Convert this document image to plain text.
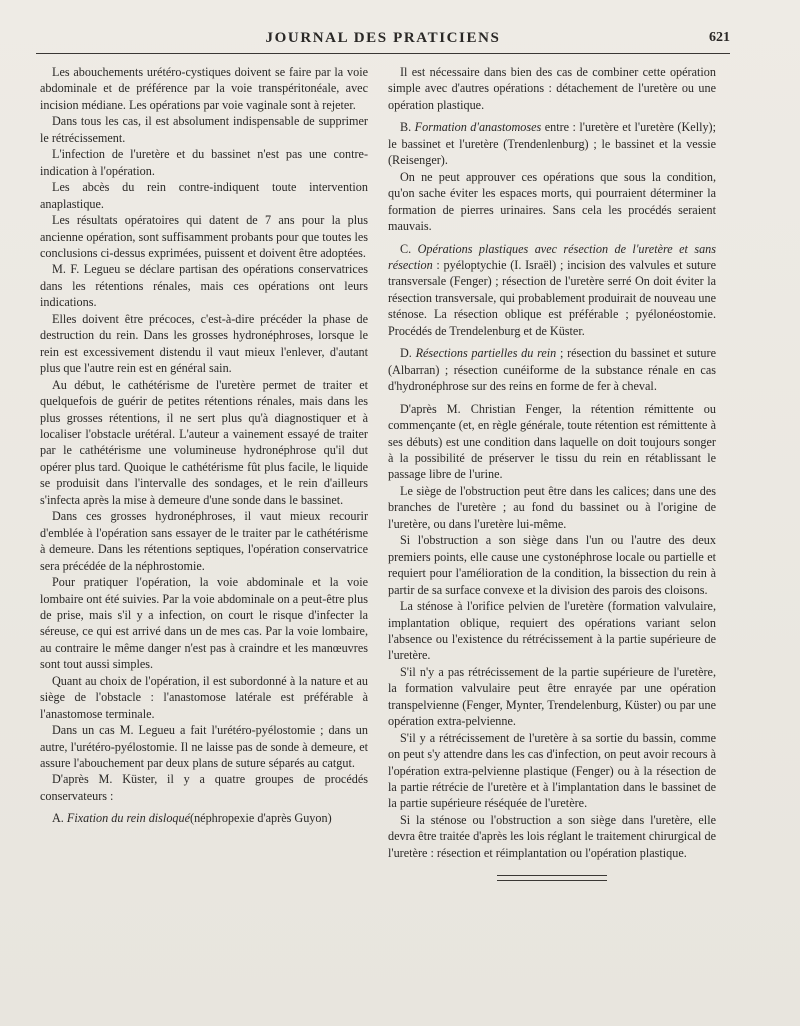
JOURNAL DES PRATICIENS	621

Les abouchements urétéro-cystiques doivent se faire par la voie abdominale et de préférence par la voie transpéritonéale, avec incision médiane. Les opérations par voie vaginale sont à rejeter.

Dans tous les cas, il est absolument indispensable de supprimer le rétrécissement.

L'infection de l'uretère et du bassinet n'est pas une contre-indication à l'opération.

Les abcès du rein contre-indiquent toute intervention anaplastique.

Les résultats opératoires qui datent de 7 ans pour la plus ancienne opération, sont suffisamment probants pour que toutes les conclusions ci-dessus exprimées, puissent et doivent être adoptées.

M. F. Legueu se déclare partisan des opérations conservatrices dans les rétentions rénales, mais ces opérations ont leurs indications.

Elles doivent être précoces, c'est-à-dire précéder la phase de destruction du rein. Dans les grosses hydronéphroses, lorsque le rein est excessivement distendu il vaut mieux l'enlever, d'autant plus que l'autre rein est en général sain.

Au début, le cathétérisme de l'uretère permet de traiter et quelquefois de guérir de petites rétentions rénales, mais dans les plus grosses rétentions, il ne sert plus qu'à diagnostiquer et à localiser l'obstacle urétéral. L'auteur a vainement essayé de traiter par le cathétérisme une volumineuse hydronéphrose qu'il dut opérer plus tard. Quoique le cathétérisme fût plus facile, le liquide se produisit dans l'intervalle des sondages, et le rein d'ailleurs s'infecta après la mise à demeure d'une sonde dans le bassinet.

Dans ces grosses hydronéphroses, il vaut mieux recourir d'emblée à l'opération sans essayer de le traiter par le cathétérisme à demeure. Dans les rétentions septiques, l'opération conservatrice sera précédée de la néphrostomie.

Pour pratiquer l'opération, la voie abdominale et la voie lombaire ont été suivies. Par la voie abdominale on a peut-être plus de prise, mais s'il y a infection, on court le risque d'infecter la séreuse, ce qui est arrivé dans un de mes cas. Par la voie lombaire, au contraire le même danger n'est pas à craindre et les manœuvres sont tout aussi simples.

Quant au choix de l'opération, il est subordonné à la nature et au siège de l'obstacle : l'anastomose latérale est préférable à l'anastomose terminale.

Dans un cas M. Legueu a fait l'urétéro-pyélostomie ; dans un autre, l'urétéro-pyélostomie. Il ne laisse pas de sonde à demeure, et assure l'abouchement par deux plans de suture séparés au catgut.

D'après M. Küster, il y a quatre groupes de procédés conservateurs :

A. Fixation du rein disloqué(néphropexie d'après Guyon)

Il est nécessaire dans bien des cas de combiner cette opération simple avec d'autres opérations : détachement de l'uretère ou une opération plastique.

B. Formation d'anastomoses entre : l'uretère et l'uretère (Kelly); le bassinet et l'uretère (Trendenlenburg) ; le bassinet et la vessie (Reisenger).

On ne peut approuver ces opérations que sous la condition, qu'on sache éviter les espaces morts, qui pourraient déterminer la formation de pierres urinaires. Sans cela les procédés seraient mauvais.

C. Opérations plastiques avec résection de l'uretère et sans résection : pyéloptychie (I. Israël) ; incision des valvules et suture transversale (Fenger) ; résection de l'uretère serré On doit éviter la résection transversale, qui probablement produirait de nouveau une sténose. La résection oblique est préférable ; pyélonéostomie. Procédés de Trendelenburg et de Küster.

D. Résections partielles du rein ; résection du bassinet et suture (Albarran) ; résection cunéiforme de la substance rénale en cas d'hydronéphrose sur des reins en forme de fer à cheval.

D'après M. Christian Fenger, la rétention rémittente ou commençante (et, en règle générale, toute rétention est rémittente à ses débuts) est une condition dans laquelle on doit toujours songer à la possibilité de préserver le tissu du rein en rétablissant le passage libre de l'urine.

Le siège de l'obstruction peut être dans les calices; dans une des branches de l'uretère ; au fond du bassinet ou à l'origine de l'uretère, ou dans l'uretère lui-même.

Si l'obstruction a son siège dans l'un ou l'autre des deux premiers points, elle cause une cystonéphrose locale ou partielle et requiert pour l'amélioration de la condition, la bissection du rein à partir de sa surface convexe et la division des parois des cloisons.

La sténose à l'orifice pelvien de l'uretère (formation valvulaire, implantation oblique, requiert des opérations variant selon l'absence ou l'existence du rétrécissement à la partie supérieure de l'uretère.

S'il n'y a pas rétrécissement de la partie supérieure de l'uretère, la formation valvulaire peut être enrayée par une opération transpelvienne (Fenger, Mynter, Trendelenburg, Küster) ou par une opération extra-pelvienne.

S'il y a rétrécissement de l'uretère à sa sortie du bassin, comme on peut s'y attendre dans les cas d'infection, on peut avoir recours à l'opération extra-pelvienne plastique (Fenger) ou à la résection de la partie rétrécie de l'uretère et à l'implantation dans le bassinet de la partie supérieure réséquée de l'uretère.

Si la sténose ou l'obstruction a son siège dans l'uretère, elle devra être traitée d'après les lois réglant le traitement chirurgical de l'uretère : résection et réimplantation ou l'opération plastique.
